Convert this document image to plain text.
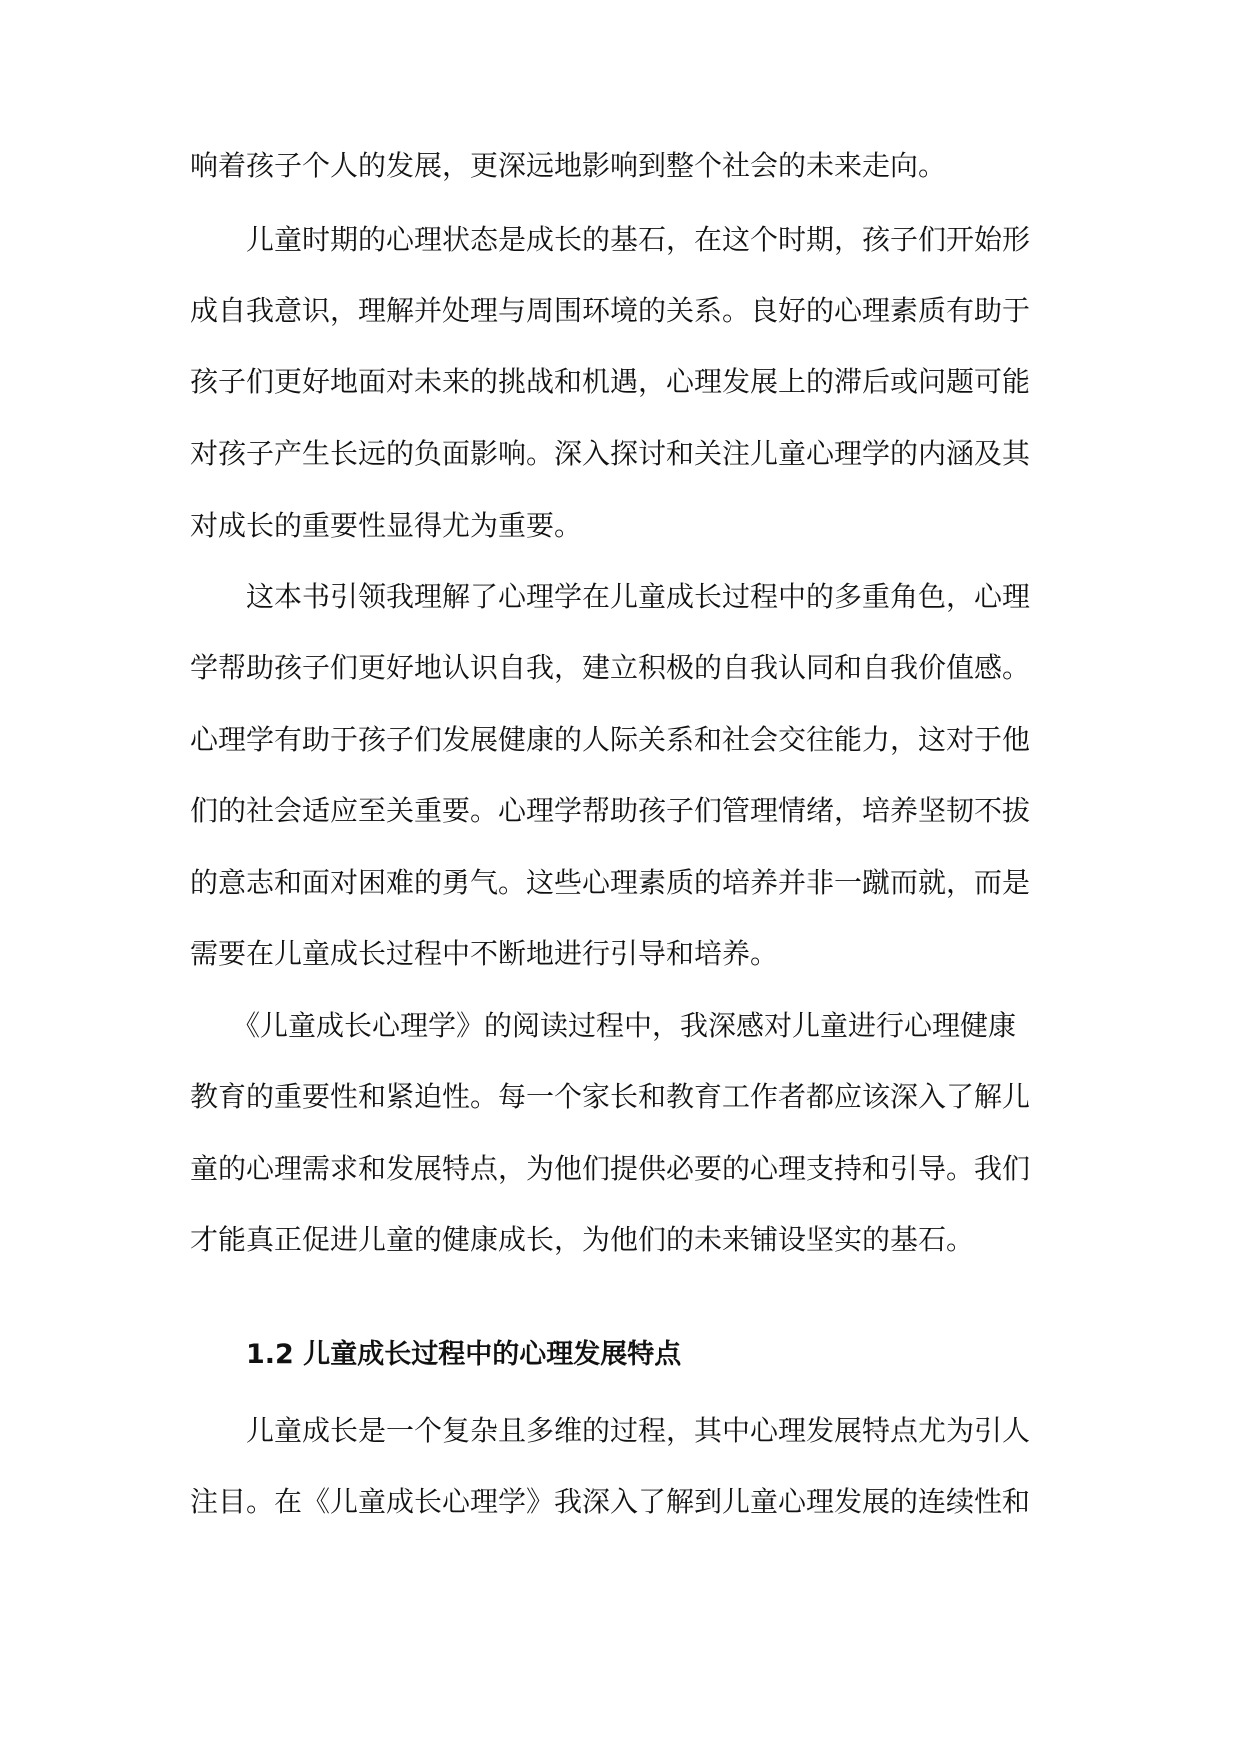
响着孩子个人的发展，更深远地影响到整个社会的未来走向。
　　儿童时期的心理状态是成长的基石，在这个时期，孩子们开始形
成自我意识，理解并处理与周围环境的关系。良好的心理素质有助于
孩子们更好地面对未来的挑战和机遇，心理发展上的滞后或问题可能
对孩子产生长远的负面影响。深入探讨和关注儿童心理学的内涵及其
对成长的重要性显得尤为重要。
　　这本书引领我理解了心理学在儿童成长过程中的多重角色，心理
学帮助孩子们更好地认识自我，建立积极的自我认同和自我价值感。
心理学有助于孩子们发展健康的人际关系和社会交往能力，这对于他
们的社会适应至关重要。心理学帮助孩子们管理情绪，培养坚韧不拔
的意志和面对困难的勇气。这些心理素质的培养并非一蹴而就，而是
需要在儿童成长过程中不断地进行引导和培养。
　　《儿童成长心理学》的阅读过程中，我深感对儿童进行心理健康
教育的重要性和紧迫性。每一个家长和教育工作者都应该深入了解儿
童的心理需求和发展特点，为他们提供必要的心理支持和引导。我们
才能真正促进儿童的健康成长，为他们的未来铺设坚实的基石。
1.2 儿童成长过程中的心理发展特点
　　儿童成长是一个复杂且多维的过程，其中心理发展特点尤为引人
注目。在《儿童成长心理学》我深入了解到儿童心理发展的连续性和
